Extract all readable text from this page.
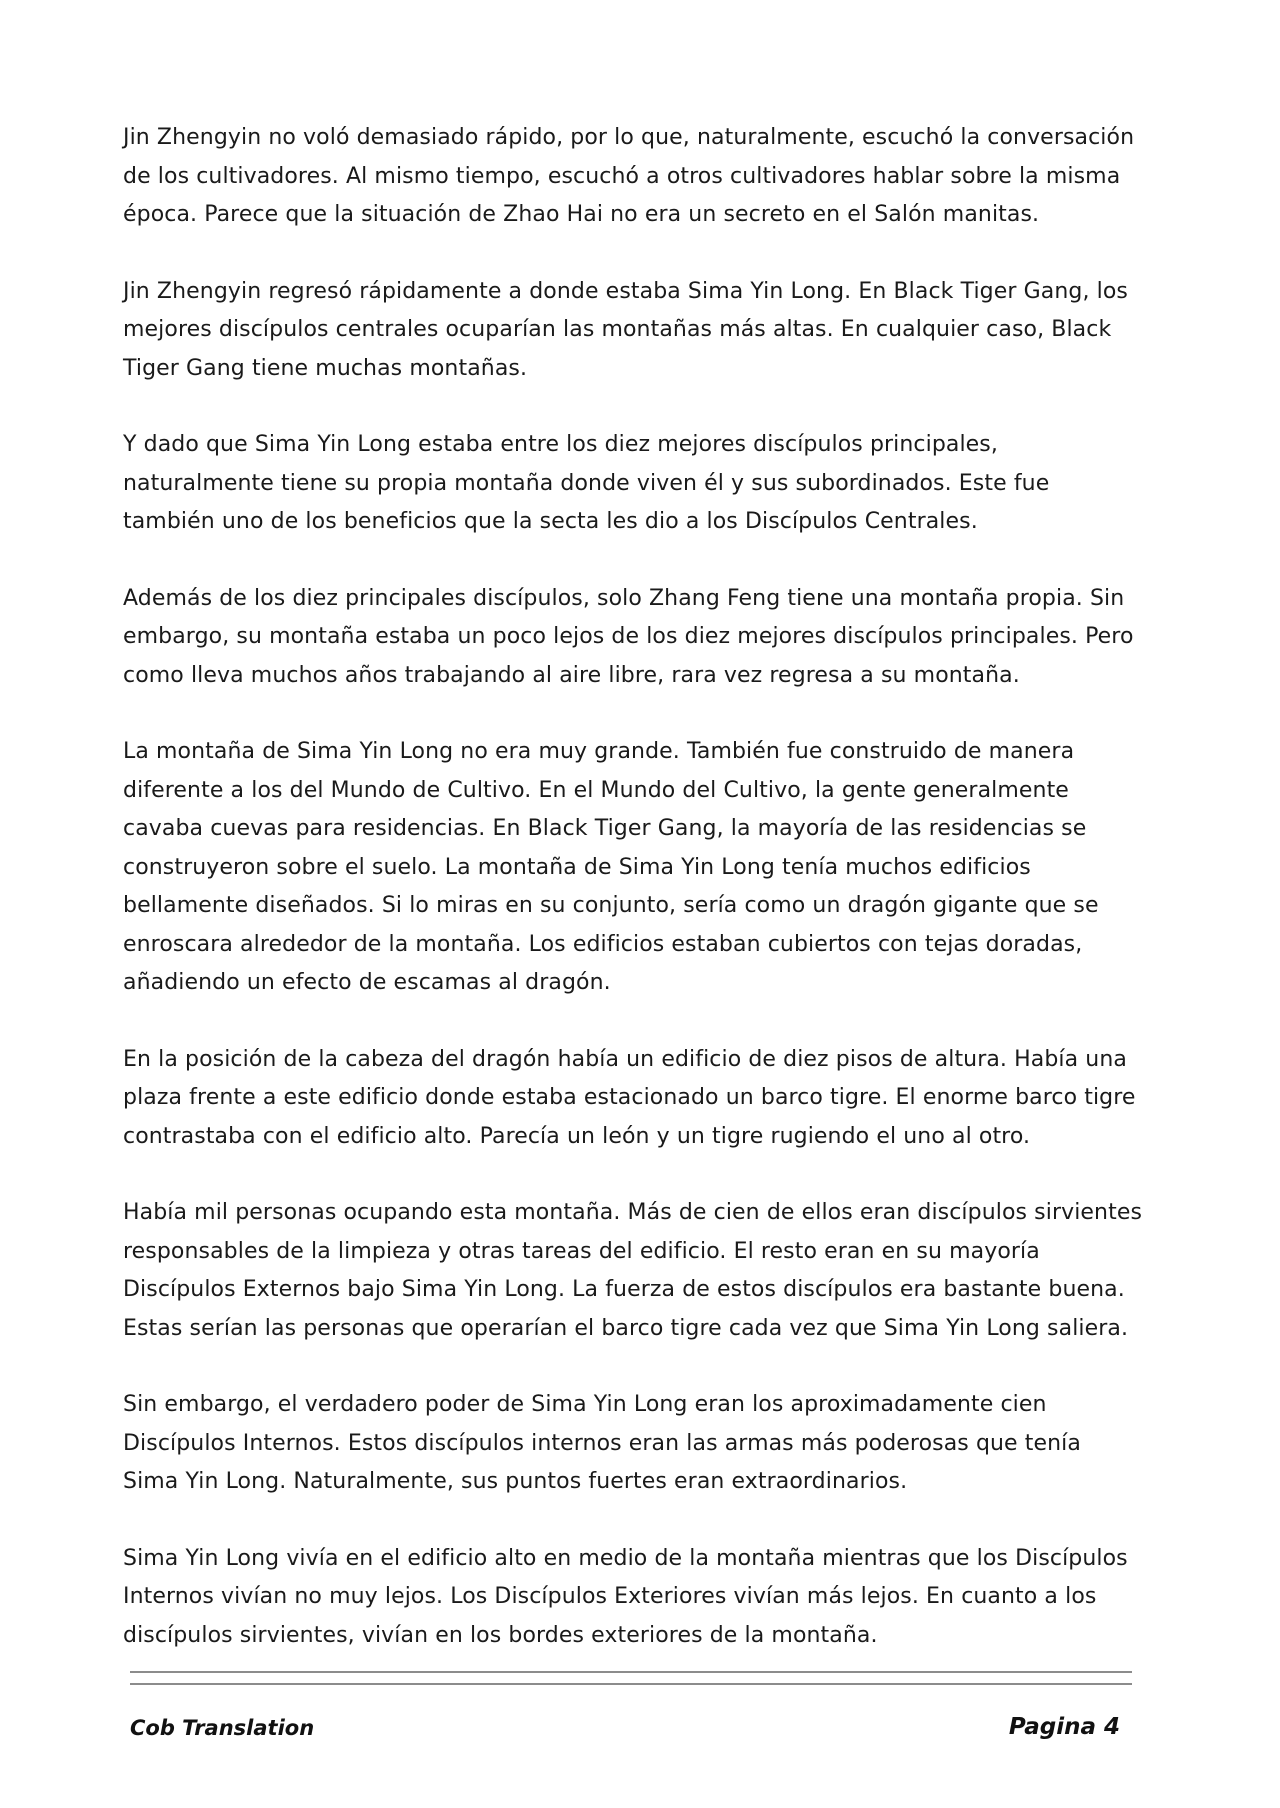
Jin Zhengyin no voló demasiado rápido, por lo que, naturalmente, escuchó la conversación de los cultivadores. Al mismo tiempo, escuchó a otros cultivadores hablar sobre la misma época. Parece que la situación de Zhao Hai no era un secreto en el Salón manitas.

Jin Zhengyin regresó rápidamente a donde estaba Sima Yin Long. En Black Tiger Gang, los mejores discípulos centrales ocuparían las montañas más altas. En cualquier caso, Black Tiger Gang tiene muchas montañas.

Y dado que Sima Yin Long estaba entre los diez mejores discípulos principales, naturalmente tiene su propia montaña donde viven él y sus subordinados. Este fue también uno de los beneficios que la secta les dio a los Discípulos Centrales.

Además de los diez principales discípulos, solo Zhang Feng tiene una montaña propia. Sin embargo, su montaña estaba un poco lejos de los diez mejores discípulos principales. Pero como lleva muchos años trabajando al aire libre, rara vez regresa a su montaña.

La montaña de Sima Yin Long no era muy grande. También fue construido de manera diferente a los del Mundo de Cultivo. En el Mundo del Cultivo, la gente generalmente cavaba cuevas para residencias. En Black Tiger Gang, la mayoría de las residencias se construyeron sobre el suelo. La montaña de Sima Yin Long tenía muchos edificios bellamente diseñados. Si lo miras en su conjunto, sería como un dragón gigante que se enroscara alrededor de la montaña. Los edificios estaban cubiertos con tejas doradas, añadiendo un efecto de escamas al dragón.

En la posición de la cabeza del dragón había un edificio de diez pisos de altura. Había una plaza frente a este edificio donde estaba estacionado un barco tigre. El enorme barco tigre contrastaba con el edificio alto. Parecía un león y un tigre rugiendo el uno al otro.

Había mil personas ocupando esta montaña. Más de cien de ellos eran discípulos sirvientes responsables de la limpieza y otras tareas del edificio. El resto eran en su mayoría Discípulos Externos bajo Sima Yin Long. La fuerza de estos discípulos era bastante buena. Estas serían las personas que operarían el barco tigre cada vez que Sima Yin Long saliera.

Sin embargo, el verdadero poder de Sima Yin Long eran los aproximadamente cien Discípulos Internos. Estos discípulos internos eran las armas más poderosas que tenía Sima Yin Long. Naturalmente, sus puntos fuertes eran extraordinarios.

Sima Yin Long vivía en el edificio alto en medio de la montaña mientras que los Discípulos Internos vivían no muy lejos. Los Discípulos Exteriores vivían más lejos. En cuanto a los discípulos sirvientes, vivían en los bordes exteriores de la montaña.

Cob Translation	Pagina 4
